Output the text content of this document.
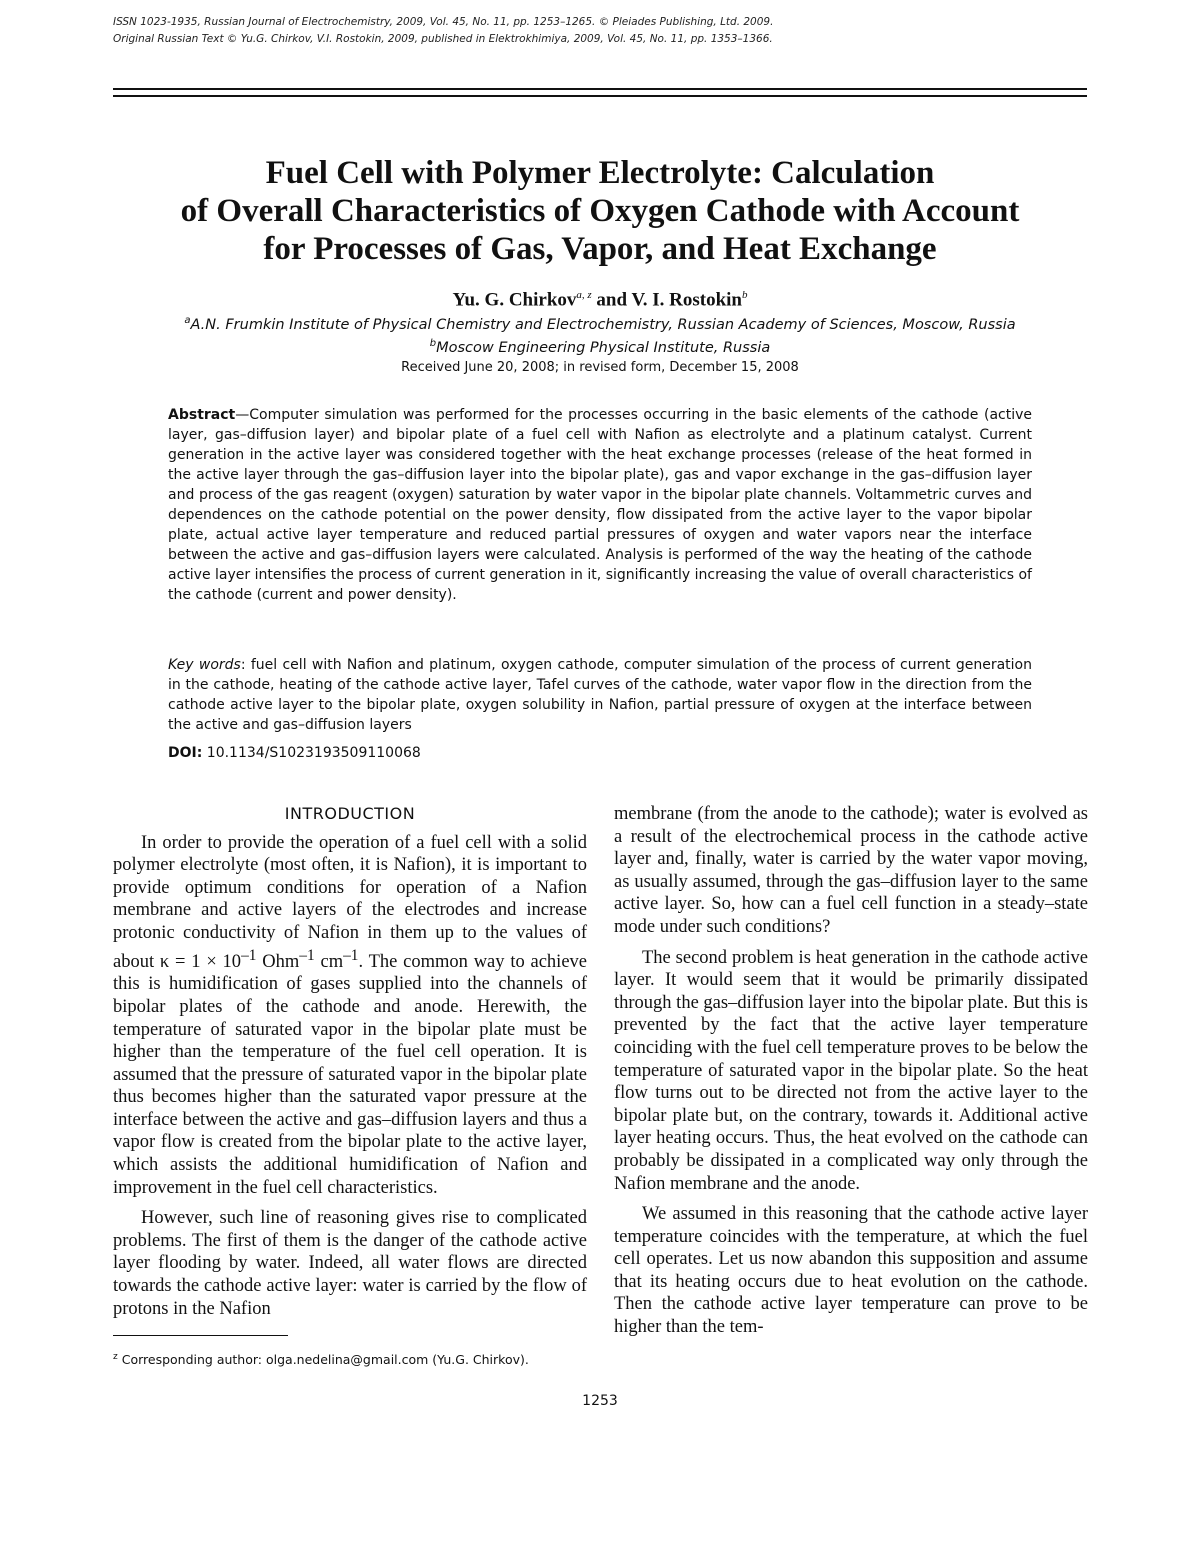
ISSN 1023-1935, Russian Journal of Electrochemistry, 2009, Vol. 45, No. 11, pp. 1253–1265. © Pleiades Publishing, Ltd. 2009.
Original Russian Text © Yu.G. Chirkov, V.I. Rostokin, 2009, published in Elektrokhimiya, 2009, Vol. 45, No. 11, pp. 1353–1366.
Fuel Cell with Polymer Electrolyte: Calculation
of Overall Characteristics of Oxygen Cathode with Account
for Processes of Gas, Vapor, and Heat Exchange
Yu. G. Chirkov$^{a, z}$ and V. I. Rostokin$^b$
$^a$A.N. Frumkin Institute of Physical Chemistry and Electrochemistry, Russian Academy of Sciences, Moscow, Russia
$^b$Moscow Engineering Physical Institute, Russia
Received June 20, 2008; in revised form, December 15, 2008
Abstract—Computer simulation was performed for the processes occurring in the basic elements of the cathode (active layer, gas–diffusion layer) and bipolar plate of a fuel cell with Nafion as electrolyte and a platinum catalyst. Current generation in the active layer was considered together with the heat exchange processes (release of the heat formed in the active layer through the gas–diffusion layer into the bipolar plate), gas and vapor exchange in the gas–diffusion layer and process of the gas reagent (oxygen) saturation by water vapor in the bipolar plate channels. Voltammetric curves and dependences on the cathode potential on the power density, flow dissipated from the active layer to the vapor bipolar plate, actual active layer temperature and reduced partial pressures of oxygen and water vapors near the interface between the active and gas–diffusion layers were calculated. Analysis is performed of the way the heating of the cathode active layer intensifies the process of current generation in it, significantly increasing the value of overall characteristics of the cathode (current and power density).
Key words: fuel cell with Nafion and platinum, oxygen cathode, computer simulation of the process of current generation in the cathode, heating of the cathode active layer, Tafel curves of the cathode, water vapor flow in the direction from the cathode active layer to the bipolar plate, oxygen solubility in Nafion, partial pressure of oxygen at the interface between the active and gas–diffusion layers
DOI: 10.1134/S1023193509110068
INTRODUCTION

In order to provide the operation of a fuel cell with a solid polymer electrolyte (most often, it is Nafion), it is important to provide optimum conditions for operation of a Nafion membrane and active layers of the electrodes and increase protonic conductivity of Nafion in them up to the values of about $\kappa = 1 \times 10^{-1}$ Ohm$^{-1}$ $cm^{-1}$. The common way to achieve this is humidification of gases supplied into the channels of bipolar plates of the cathode and anode. Herewith, the temperature of saturated vapor in the bipolar plate must be higher than the temperature of the fuel cell operation. It is assumed that the pressure of saturated vapor in the bipolar plate thus becomes higher than the saturated vapor pressure at the interface between the active and gas–diffusion layers and thus a vapor flow is created from the bipolar plate to the active layer, which assists the additional humidification of Nafion and improvement in the fuel cell characteristics.

However, such line of reasoning gives rise to complicated problems. The first of them is the danger of the cathode active layer flooding by water. Indeed, all water flows are directed towards the cathode active layer: water is carried by the flow of protons in the Nafion

membrane (from the anode to the cathode); water is evolved as a result of the electrochemical process in the cathode active layer and, finally, water is carried by the water vapor moving, as usually assumed, through the gas–diffusion layer to the same active layer. So, how can a fuel cell function in a steady–state mode under such conditions?

The second problem is heat generation in the cathode active layer. It would seem that it would be primarily dissipated through the gas–diffusion layer into the bipolar plate. But this is prevented by the fact that the active layer temperature coinciding with the fuel cell temperature proves to be below the temperature of saturated vapor in the bipolar plate. So the heat flow turns out to be directed not from the active layer to the bipolar plate but, on the contrary, towards it. Additional active layer heating occurs. Thus, the heat evolved on the cathode can probably be dissipated in a complicated way only through the Nafion membrane and the anode.

We assumed in this reasoning that the cathode active layer temperature coincides with the temperature, at which the fuel cell operates. Let us now abandon this supposition and assume that its heating occurs due to heat evolution on the cathode. Then the cathode active layer temperature can prove to be higher than the tem-

$^z$ Corresponding author: olga.nedelina@gmail.com (Yu.G. Chirkov).
1253
